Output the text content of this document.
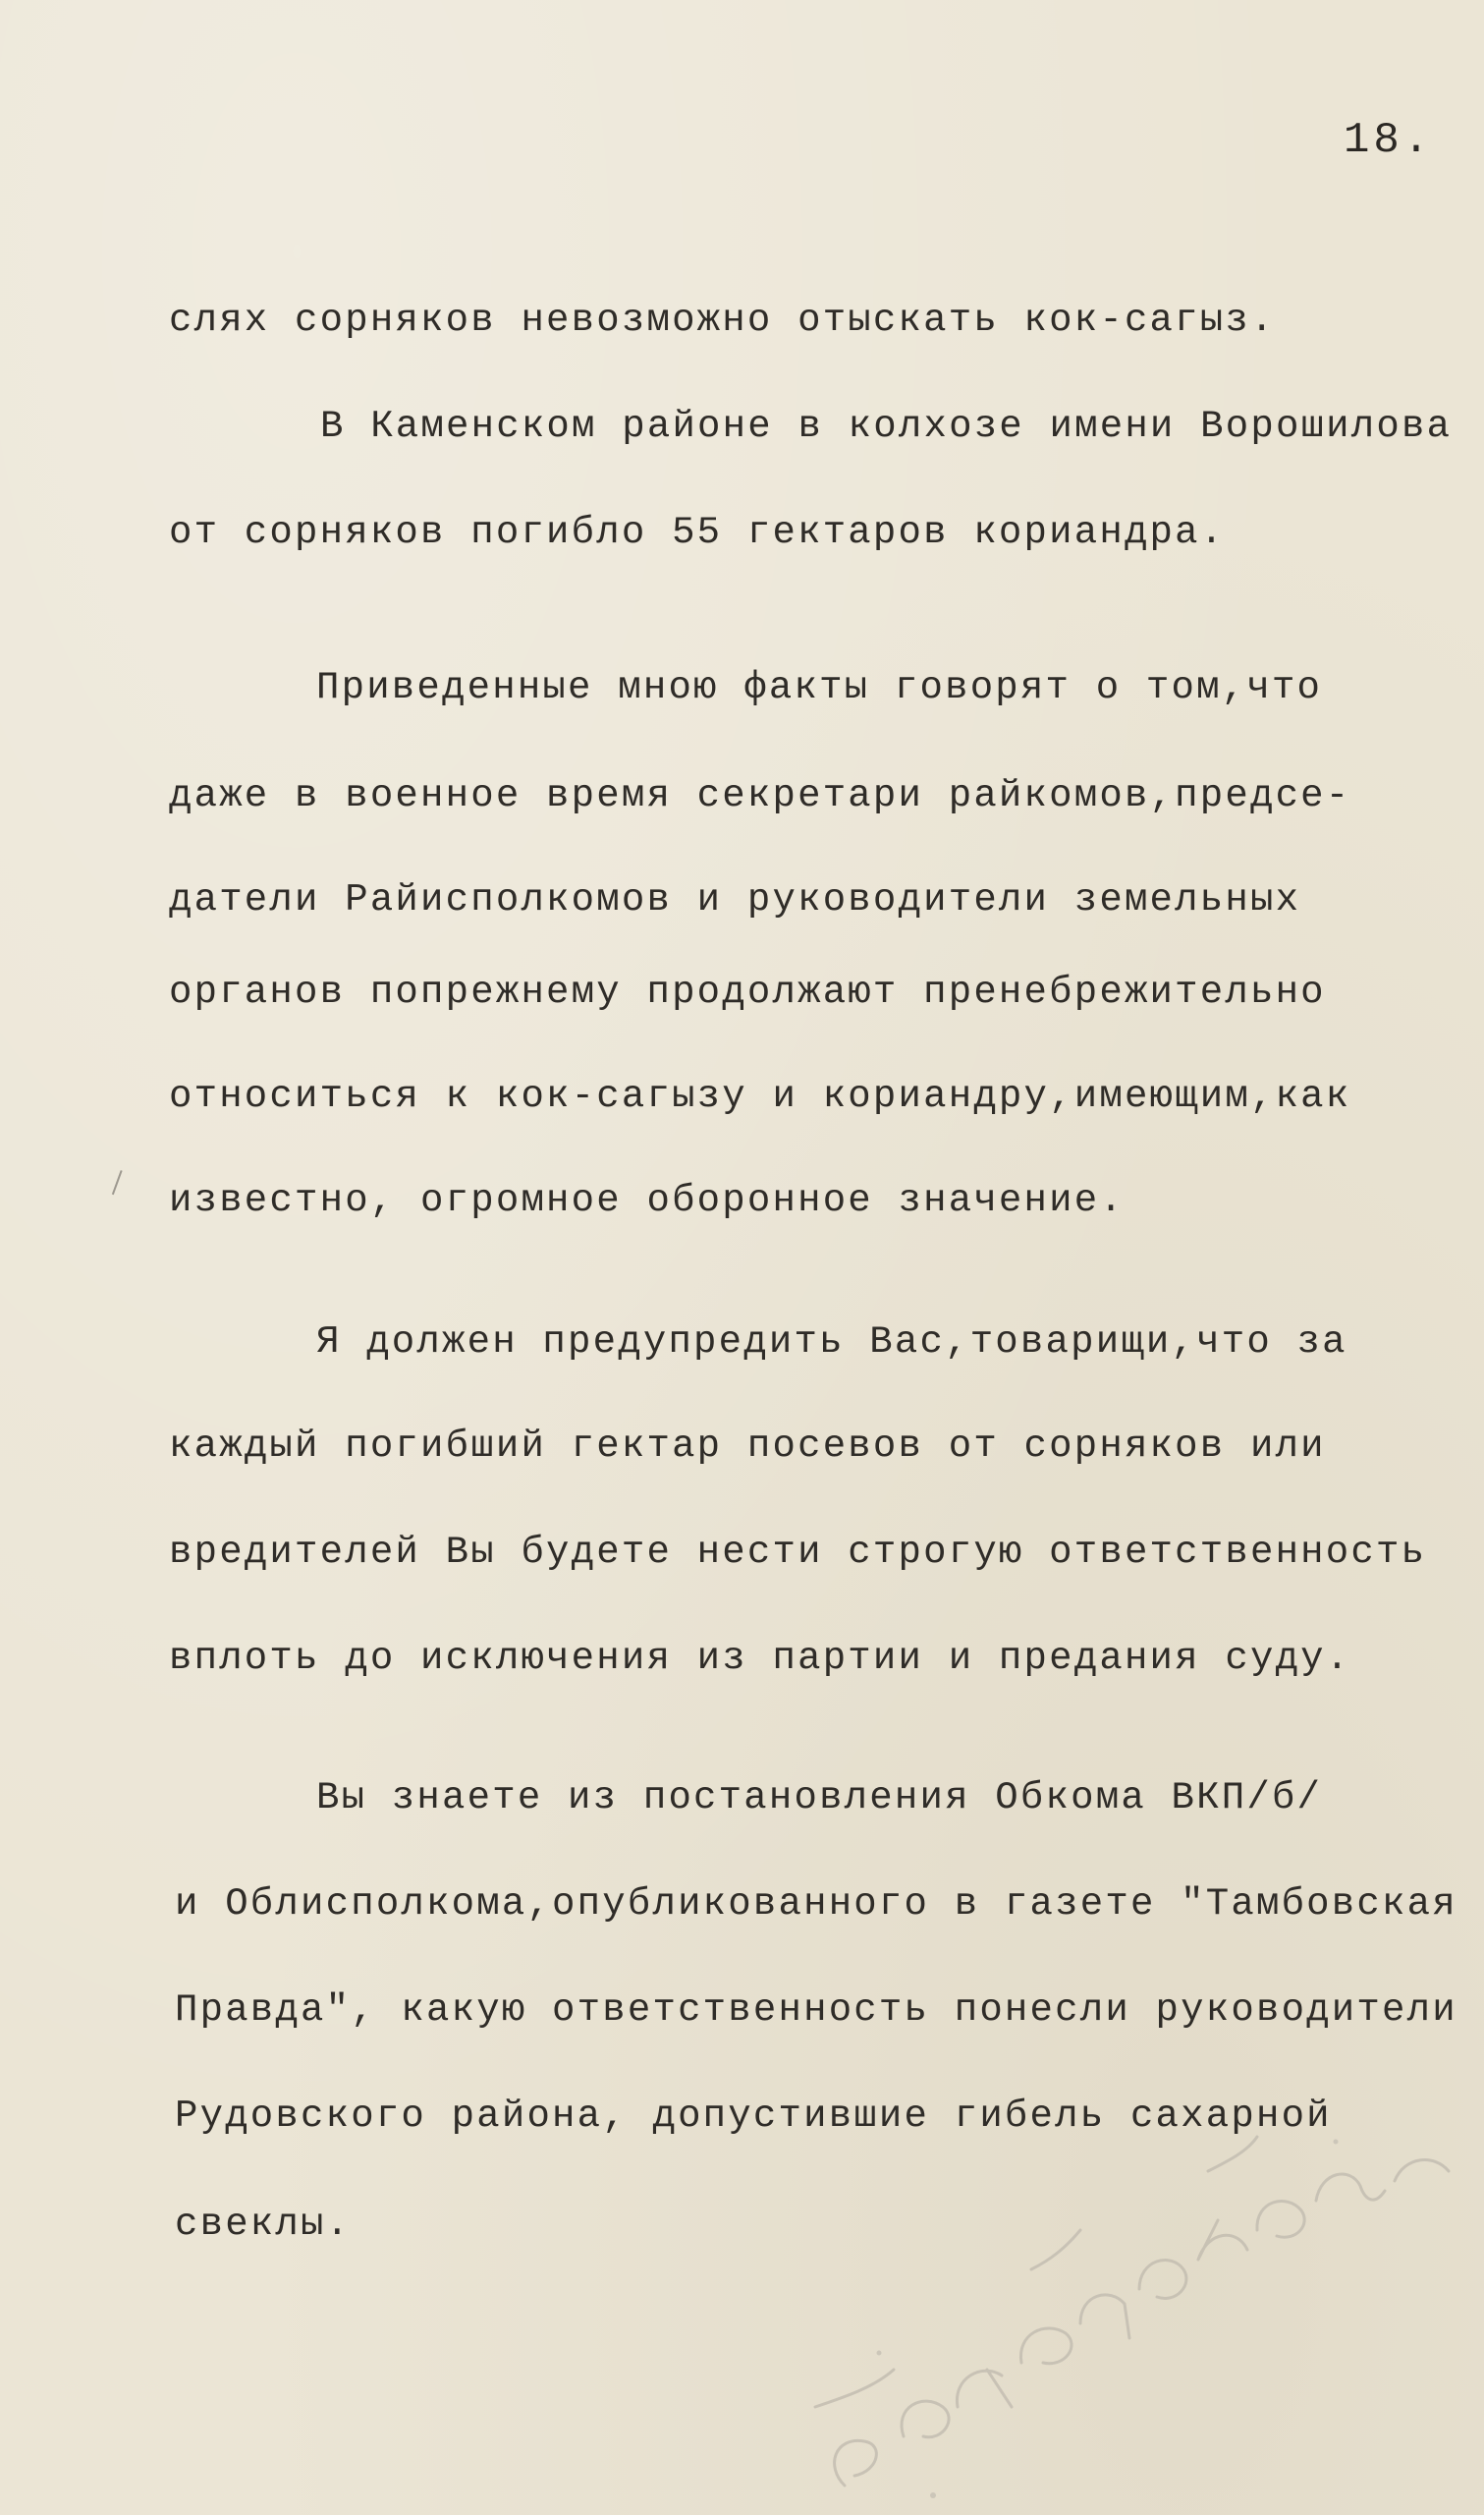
18.

слях сорняков невозможно отыскать кок-сагыз.

В Каменском районе в колхозе имени Ворошилова

от сорняков погибло 55 гектаров кориандра.

Приведенные мною факты говорят о том,что

даже в военное время секретари райкомов,предсе-

датели Райисполкомов и руководители земельных

органов попрежнему продолжают пренебрежительно

относиться к кок-сагызу и кориандру,имеющим,как

известно, огромное оборонное значение.

Я должен предупредить Вас,товарищи,что за

каждый погибший гектар посевов от сорняков или

вредителей Вы будете нести строгую ответственность

вплоть до исключения из партии и предания суду.

Вы знаете из постановления Обкома ВКП/б/

и Облисполкома,опубликованного в газете "Тамбовская

Правда", какую ответственность понесли руководители

Рудовского района, допустившие гибель сахарной

свеклы.
